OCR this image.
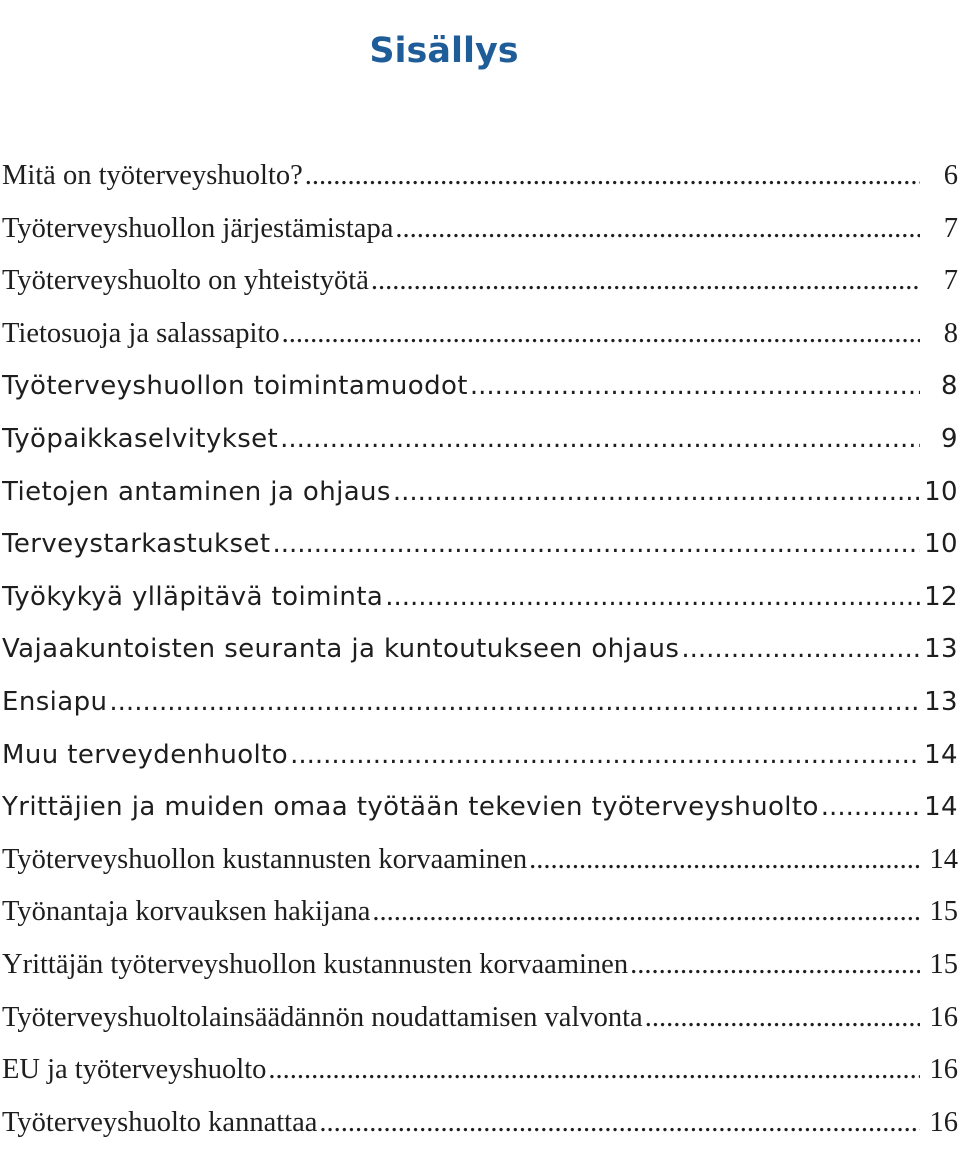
Sisällys
Mitä on työterveyshuolto? .....	6
Työterveyshuollon järjestämistapa .....	7
Työterveyshuolto on yhteistyötä .....	7
Tietosuoja ja salassapito .....	8
Työterveyshuollon toimintamuodot .....	8
Työpaikkaselvitykset .....	9
Tietojen antaminen ja ohjaus .....	10
Terveystarkastukset .....	10
Työkykyä ylläpitävä toiminta .....	12
Vajaakuntoisten seuranta ja kuntoutukseen ohjaus .....	13
Ensiapu .....	13
Muu terveydenhuolto .....	14
Yrittäjien ja muiden omaa työtään tekevien työterveyshuolto .....	14
Työterveyshuollon kustannusten korvaaminen .....	14
Työnantaja korvauksen hakijana .....	15
Yrittäjän työterveyshuollon kustannusten korvaaminen .....	15
Työterveyshuoltolainsäädännön noudattamisen valvonta .....	16
EU ja työterveyshuolto .....	16
Työterveyshuolto kannattaa .....	16
